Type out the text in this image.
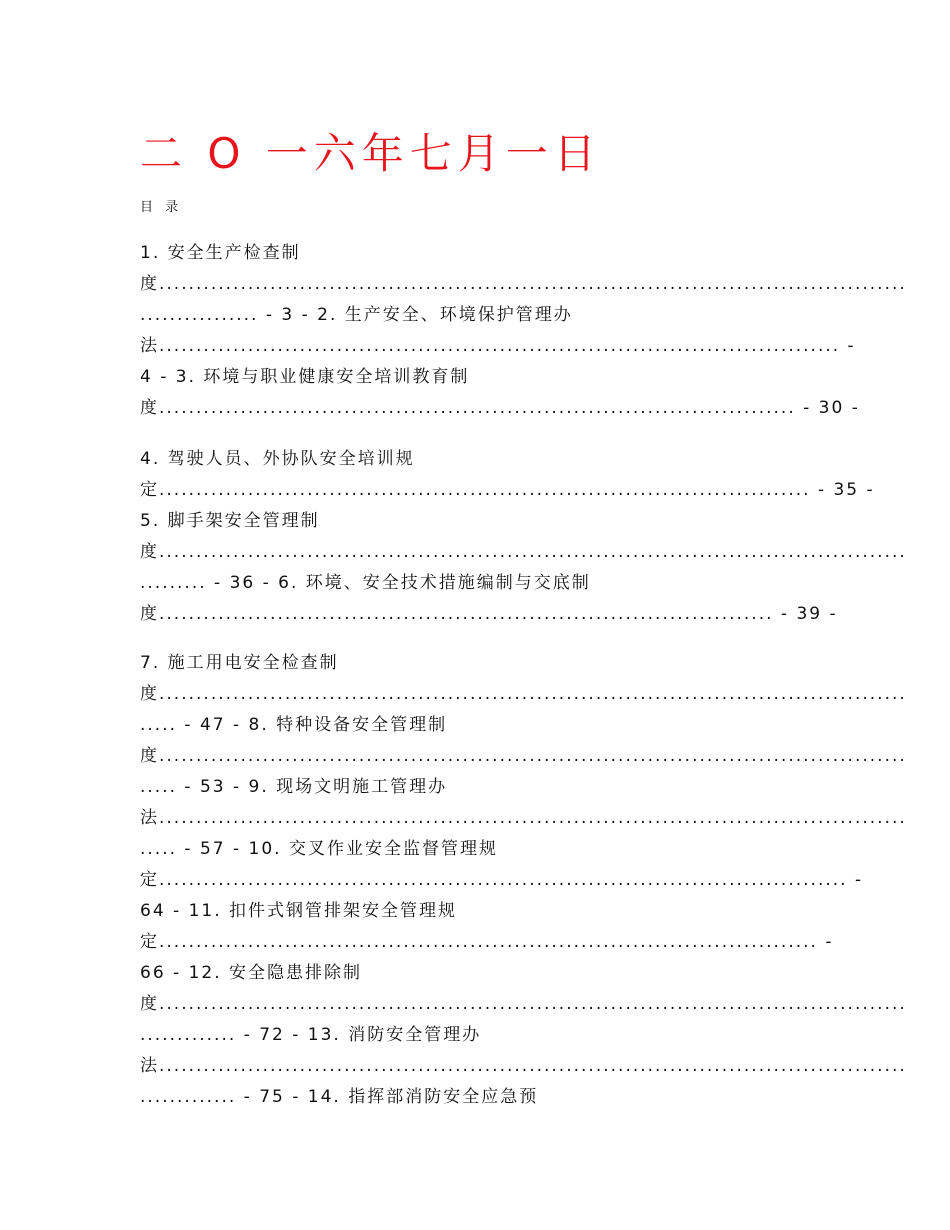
二 O 一六年七月一日
目 录
1. 安全生产检查制
度.....................................................................................................
................ - 3 - 2. 生产安全、环境保护管理办
法............................................................................................ -
4 - 3. 环境与职业健康安全培训教育制
度...................................................................................... - 30 -
4. 驾驶人员、外协队安全培训规
定........................................................................................ - 35 -
5. 脚手架安全管理制
度.....................................................................................................
......... - 36 - 6. 环境、安全技术措施编制与交底制
度................................................................................... - 39 -
7. 施工用电安全检查制
度.....................................................................................................
..... - 47 - 8. 特种设备安全管理制
度.....................................................................................................
..... - 53 - 9. 现场文明施工管理办
法.....................................................................................................
..... - 57 - 10. 交叉作业安全监督管理规
定............................................................................................. -
64 - 11. 扣件式钢管排架安全管理规
定......................................................................................... -
66 - 12. 安全隐患排除制
度.....................................................................................................
............. - 72 - 13. 消防安全管理办
法.....................................................................................................
............. - 75 - 14. 指挥部消防安全应急预
